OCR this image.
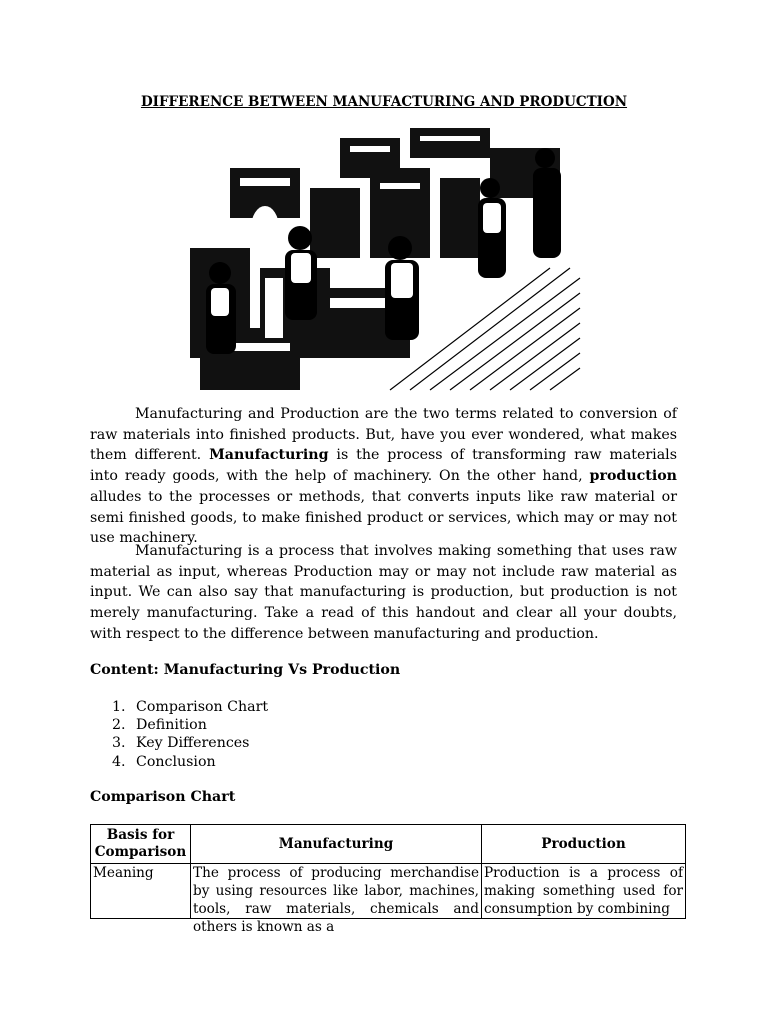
DIFFERENCE BETWEEN MANUFACTURING AND PRODUCTION
Manufacturing and Production are the two terms related to conversion of raw materials into finished products. But, have you ever wondered, what makes them different. Manufacturing is the process of transforming raw materials into ready goods, with the help of machinery. On the other hand, production alludes to the processes or methods, that converts inputs like raw material or semi finished goods, to make finished product or services, which may or may not use machinery.
Manufacturing is a process that involves making something that uses raw material as input, whereas Production may or may not include raw material as input. We can also say that manufacturing is production, but production is not merely manufacturing. Take a read of this handout and clear all your doubts, with respect to the difference between manufacturing and production.
Content: Manufacturing Vs Production
1. Comparison Chart
2. Definition
3. Key Differences
4. Conclusion
Comparison Chart
Basis for Comparison	Manufacturing	Production

Meaning	The process of producing merchandise by using resources like labor, machines, tools, raw materials, chemicals and others is known as a	Production is a process of making something used for consumption by combining
